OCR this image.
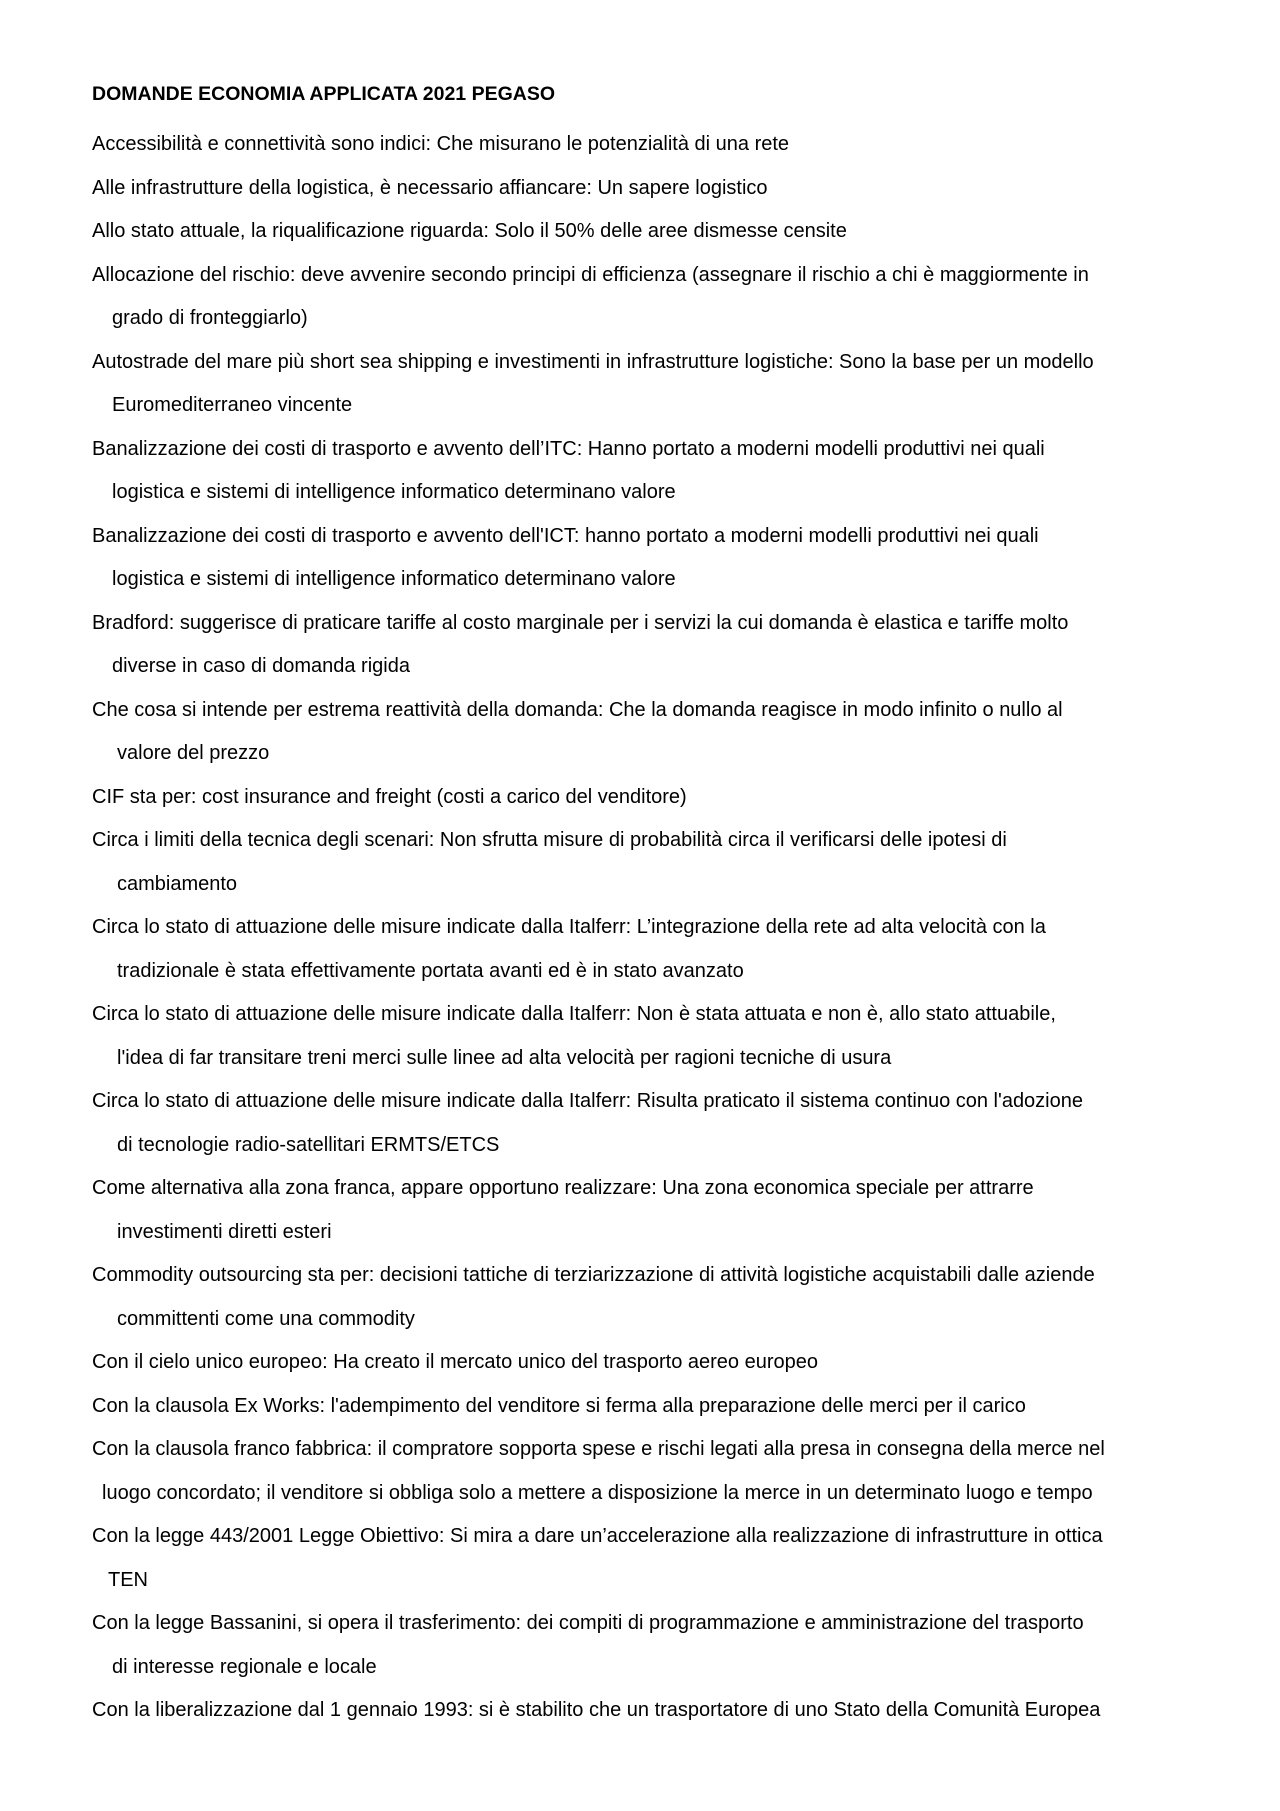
DOMANDE ECONOMIA APPLICATA 2021 PEGASO
Accessibilità e connettività sono indici: Che misurano le potenzialità di una rete
Alle infrastrutture della logistica, è necessario affiancare: Un sapere logistico
Allo stato attuale, la riqualificazione riguarda: Solo il 50% delle aree dismesse censite
Allocazione del rischio: deve avvenire secondo principi di efficienza (assegnare il rischio a chi è maggiormente in
grado di fronteggiarlo)
Autostrade del mare più short sea shipping e investimenti in infrastrutture logistiche: Sono la base per un modello
Euromediterraneo vincente
Banalizzazione dei costi di trasporto e avvento dell’ITC: Hanno portato a moderni modelli produttivi nei quali
logistica e sistemi di intelligence informatico determinano valore
Banalizzazione dei costi di trasporto e avvento dell'ICT: hanno portato a moderni modelli produttivi nei quali
logistica e sistemi di intelligence informatico determinano valore
Bradford: suggerisce di praticare tariffe al costo marginale per i servizi la cui domanda è elastica e tariffe molto
diverse in caso di domanda rigida
Che cosa si intende per estrema reattività della domanda: Che la domanda reagisce in modo infinito o nullo al
valore del prezzo
CIF sta per: cost insurance and freight (costi a carico del venditore)
Circa i limiti della tecnica degli scenari: Non sfrutta misure di probabilità circa il verificarsi delle ipotesi di
cambiamento
Circa lo stato di attuazione delle misure indicate dalla Italferr: L’integrazione della rete ad alta velocità con la
tradizionale è stata effettivamente portata avanti ed è in stato avanzato
Circa lo stato di attuazione delle misure indicate dalla Italferr: Non è stata attuata e non è, allo stato attuabile,
l'idea di far transitare treni merci sulle linee ad alta velocità per ragioni tecniche di usura
Circa lo stato di attuazione delle misure indicate dalla Italferr: Risulta praticato il sistema continuo con l'adozione
di tecnologie radio-satellitari ERMTS/ETCS
Come alternativa alla zona franca, appare opportuno realizzare: Una zona economica speciale per attrarre
investimenti diretti esteri
Commodity outsourcing sta per: decisioni tattiche di terziarizzazione di attività logistiche acquistabili dalle aziende
committenti come una commodity
Con il cielo unico europeo: Ha creato il mercato unico del trasporto aereo europeo
Con la clausola Ex Works: l'adempimento del venditore si ferma alla preparazione delle merci per il carico
Con la clausola franco fabbrica: il compratore sopporta spese e rischi legati alla presa in consegna della merce nel
luogo concordato; il venditore si obbliga solo a mettere a disposizione la merce in un determinato luogo e tempo
Con la legge 443/2001 Legge Obiettivo: Si mira a dare un’accelerazione alla realizzazione di infrastrutture in ottica
TEN
Con la legge Bassanini, si opera il trasferimento: dei compiti di programmazione e amministrazione del trasporto
di interesse regionale e locale
Con la liberalizzazione dal 1 gennaio 1993: si è stabilito che un trasportatore di uno Stato della Comunità Europea
